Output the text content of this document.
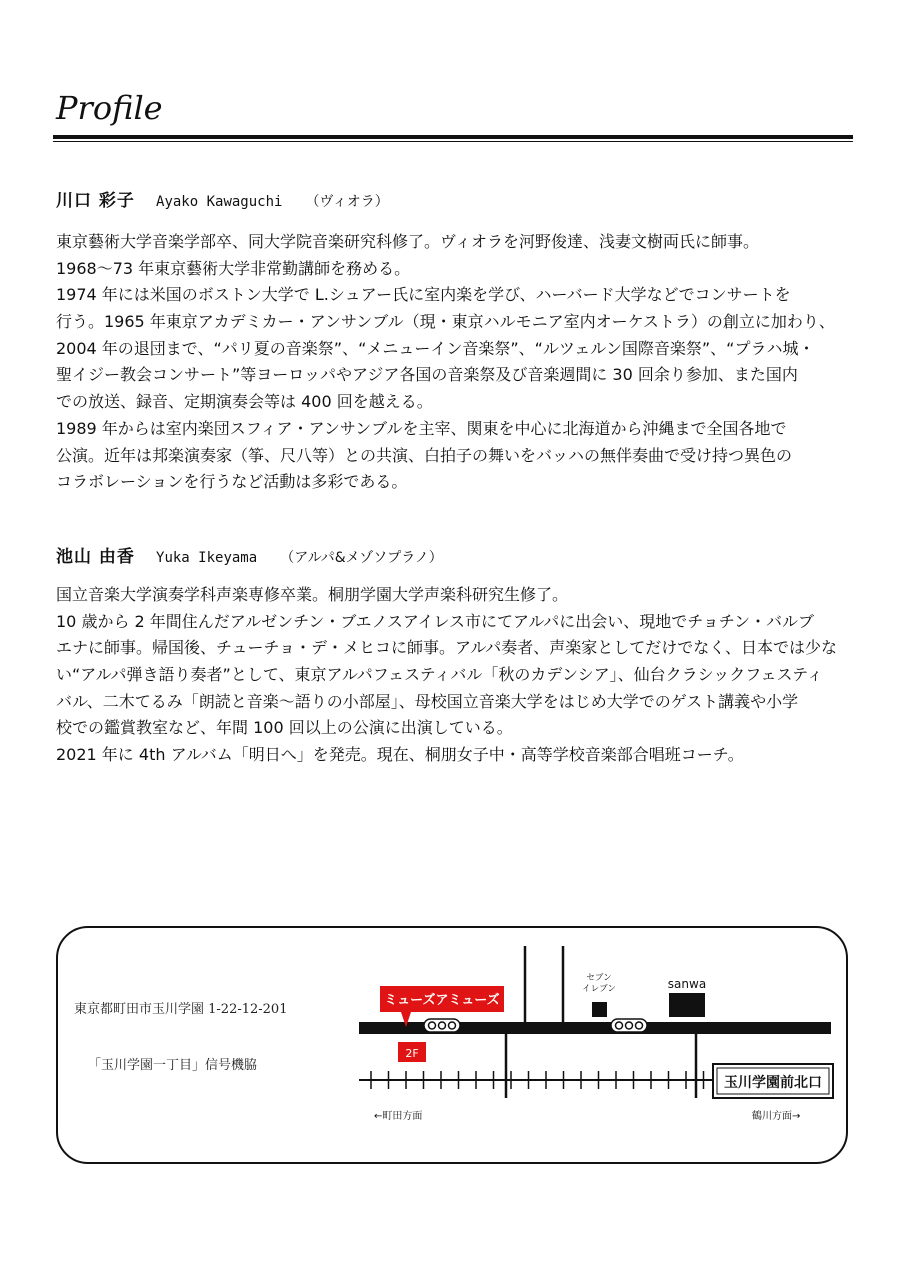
Profile
川口 彩子 Ayako Kawaguchi （ヴィオラ）
東京藝術大学音楽学部卒、同大学院音楽研究科修了。ヴィオラを河野俊達、浅妻文樹両氏に師事。
1968〜73 年東京藝術大学非常勤講師を務める。
1974 年には米国のボストン大学で L.シュアー氏に室内楽を学び、ハーバード大学などでコンサートを
行う。1965 年東京アカデミカー・アンサンブル（現・東京ハルモニア室内オーケストラ）の創立に加わり、
2004 年の退団まで、“パリ夏の音楽祭”、“メニューイン音楽祭”、“ルツェルン国際音楽祭”、“プラハ城・
聖イジー教会コンサート”等ヨーロッパやアジア各国の音楽祭及び音楽週間に 30 回余り参加、また国内
での放送、録音、定期演奏会等は 400 回を越える。
1989 年からは室内楽団スフィア・アンサンブルを主宰、関東を中心に北海道から沖縄まで全国各地で
公演。近年は邦楽演奏家（筝、尺八等）との共演、白拍子の舞いをバッハの無伴奏曲で受け持つ異色の
コラボレーションを行うなど活動は多彩である。
池山 由香 Yuka Ikeyama （アルパ&メゾソプラノ）
国立音楽大学演奏学科声楽専修卒業。桐朋学園大学声楽科研究生修了。
10 歳から 2 年間住んだアルゼンチン・ブエノスアイレス市にてアルパに出会い、現地でチョチン・バルブ
エナに師事。帰国後、チューチョ・デ・メヒコに師事。アルパ奏者、声楽家としてだけでなく、日本では少な
い“アルパ弾き語り奏者”として、東京アルパフェスティバル「秋のカデンシア」、仙台クラシックフェスティ
バル、二木てるみ「朗読と音楽〜語りの小部屋」、母校国立音楽大学をはじめ大学でのゲスト講義や小学
校での鑑賞教室など、年間 100 回以上の公演に出演している。
2021 年に 4th アルバム「明日へ」を発売。現在、桐朋女子中・高等学校音楽部合唱班コーチ。
東京都町田市玉川学園 1-22-12-201
「玉川学園一丁目」信号機脇
ミューズアミューズ
2F
セブン
イレブン	sanwa
玉川学園前北口
←町田方面	鶴川方面→
